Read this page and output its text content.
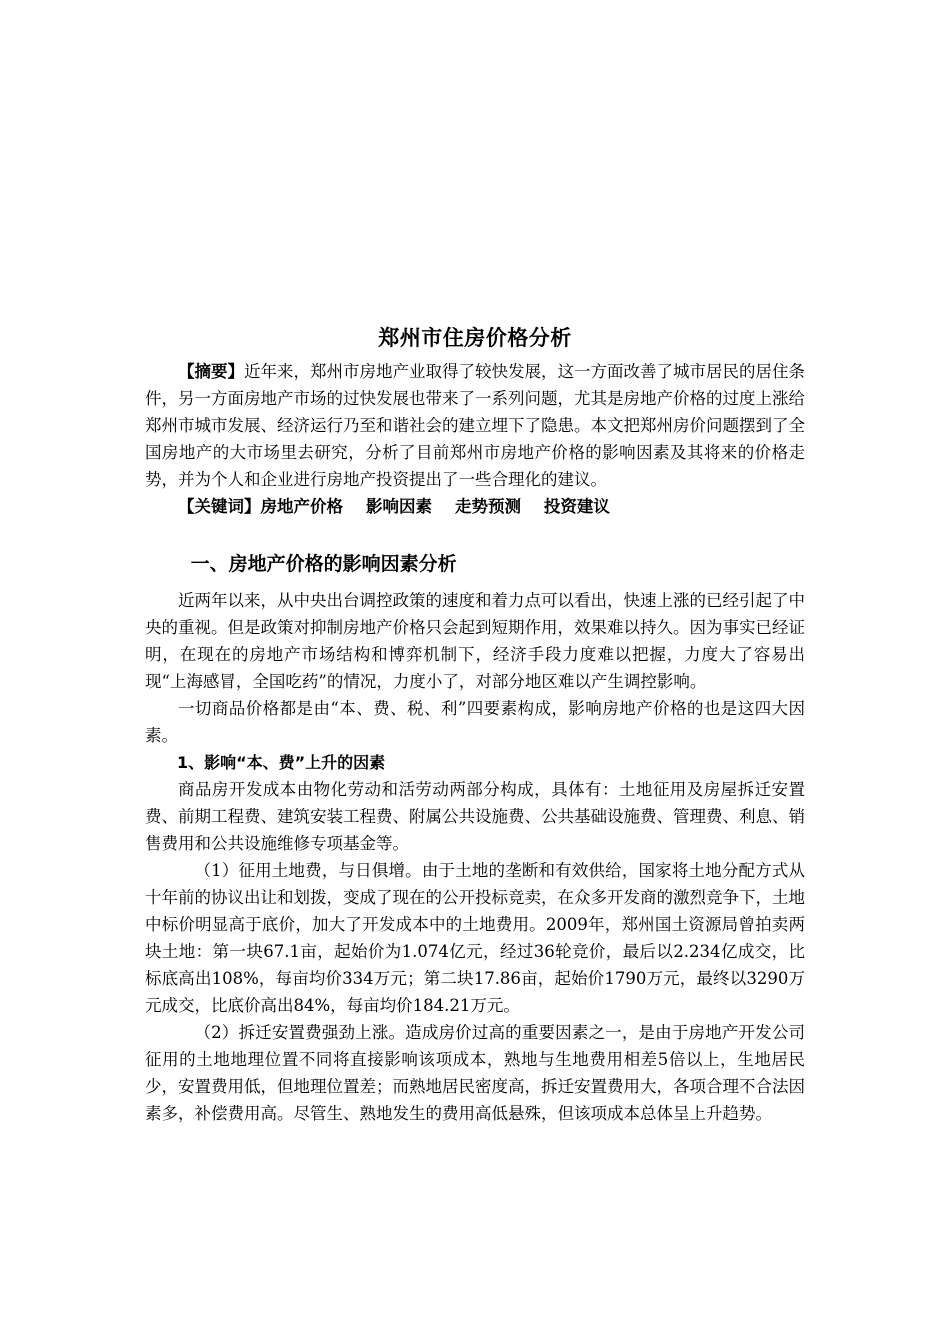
郑州市住房价格分析

【摘要】近年来，郑州市房地产业取得了较快发展，这一方面改善了城市居民的居住条件，另一方面房地产市场的过快发展也带来了一系列问题，尤其是房地产价格的过度上涨给郑州市城市发展、经济运行乃至和谐社会的建立埋下了隐患。本文把郑州房价问题摆到了全国房地产的大市场里去研究，分析了目前郑州市房地产价格的影响因素及其将来的价格走势，并为个人和企业进行房地产投资提出了一些合理化的建议。

【关键词】房地产价格    影响因素    走势预测    投资建议

一、房地产价格的影响因素分析

近两年以来，从中央出台调控政策的速度和着力点可以看出，快速上涨的已经引起了中央的重视。但是政策对抑制房地产价格只会起到短期作用，效果难以持久。因为事实已经证明，在现在的房地产市场结构和博弈机制下，经济手段力度难以把握，力度大了容易出现“上海感冒，全国吃药”的情况，力度小了，对部分地区难以产生调控影响。

一切商品价格都是由“本、费、税、利”四要素构成，影响房地产价格的也是这四大因素。

1、影响“本、费”上升的因素

商品房开发成本由物化劳动和活劳动两部分构成，具体有：土地征用及房屋拆迁安置费、前期工程费、建筑安装工程费、附属公共设施费、公共基础设施费、管理费、利息、销售费用和公共设施维修专项基金等。

（1）征用土地费，与日俱增。由于土地的垄断和有效供给，国家将土地分配方式从十年前的协议出让和划拨，变成了现在的公开投标竞卖，在众多开发商的激烈竞争下，土地中标价明显高于底价，加大了开发成本中的土地费用。2009年，郑州国土资源局曾拍卖两块土地：第一块67.1亩，起始价为1.074亿元，经过36轮竞价，最后以2.234亿成交，比标底高出108%，每亩均价334万元；第二块17.86亩，起始价1790万元，最终以3290万元成交，比底价高出84%，每亩均价184.21万元。

（2）拆迁安置费强劲上涨。造成房价过高的重要因素之一，是由于房地产开发公司征用的土地地理位置不同将直接影响该项成本，熟地与生地费用相差5倍以上，生地居民少，安置费用低，但地理位置差；而熟地居民密度高，拆迁安置费用大，各项合理不合法因素多，补偿费用高。尽管生、熟地发生的费用高低悬殊，但该项成本总体呈上升趋势。
